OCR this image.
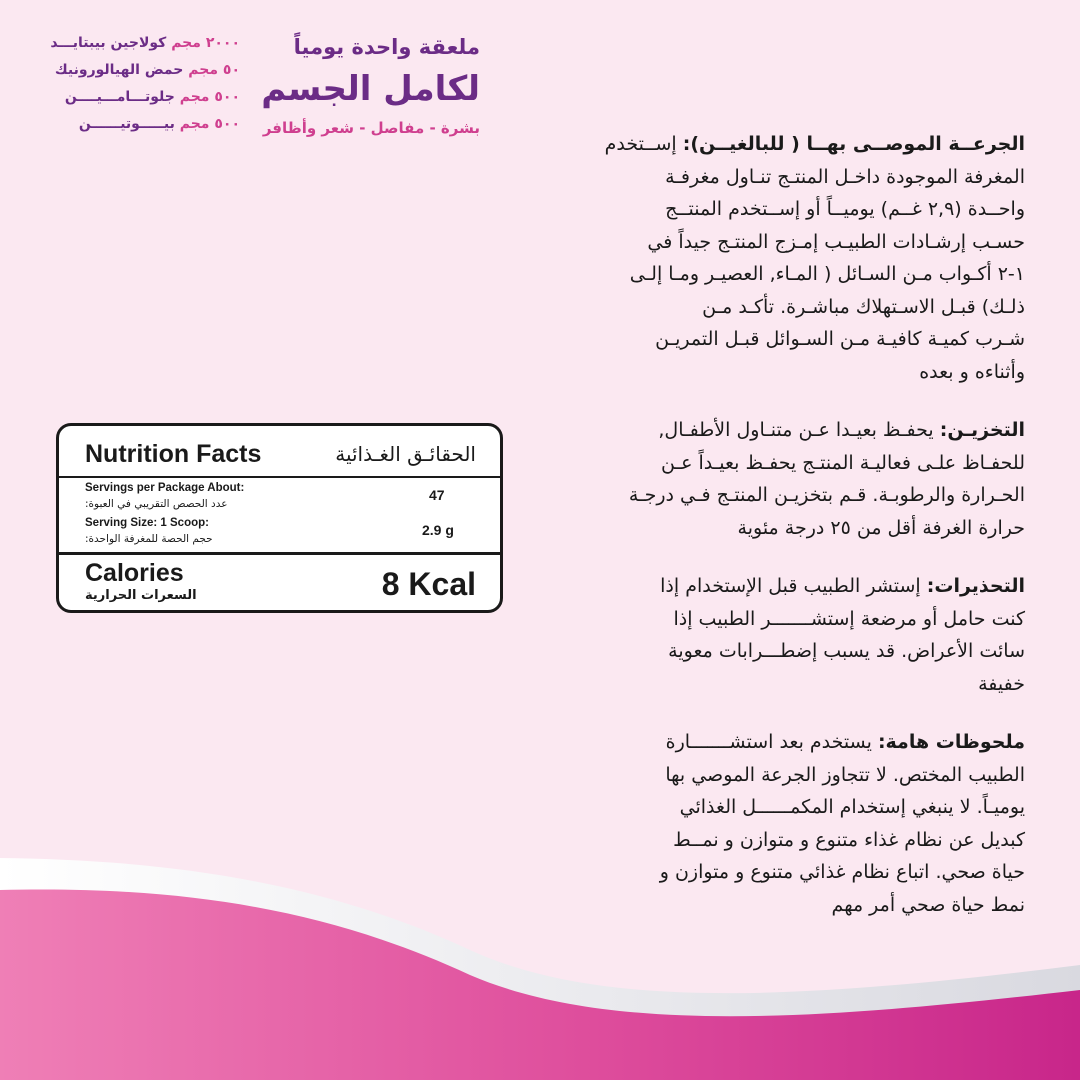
٢٠٠٠ مجم كولاجين بيبتايـــد
٥٠ مجم حمض الهيالورونيك
٥٠٠ مجم جلوتـــامـــيــــن
٥٠٠ مجم بيـــــوتيــــــن
ملعقة واحدة يومياً
لكامل الجسم
بشرة - مفاصل - شعر وأظافر

الجرعــة الموصــى بهــا ( للبالغيــن): إســتخدم

المغرفة الموجودة داخـل المنتـج تنـاول مغرفـة

واحــدة (٢,٩ غــم) يوميــاً أو إســتخدم المنتــج

حسـب إرشـادات الطبيـب إمـزج المنتـج جيداً في

١-٢ أكـواب مـن السـائل ( المـاء, العصيـر ومـا إلـى

ذلـك) قبـل الاسـتهلاك مباشـرة. تأكـد مـن

شـرب كميـة كافيـة مـن السـوائل قبـل التمريـن

وأثناءه و بعده

التخزيـن: يحفـظ بعيـدا عـن متنـاول الأطفـال,

للحفـاظ علـى فعاليـة المنتـج يحفـظ بعيـداً عـن

الحـرارة والرطوبـة. قـم بتخزيـن المنتـج فـي درجـة

حرارة الغرفة أقل من ٢٥ درجة مئوية

التحذيرات: إستشر الطبيب قبل الإستخدام إذا

كنت حامل أو مرضعة إستشـــــــر الطبيب إذا

سائت الأعراض. قد يسبب إضطـــرابات معوية

خفيفة

ملحوظات هامة: يستخدم بعد استشـــــــارة

الطبيب المختص. لا تتجاوز الجرعة الموصي بها

يوميـاً. لا ينبغي إستخدام المكمــــــل الغذائي

كبديل عن نظام غذاء متنوع و متوازن و نمــط

حياة صحي. اتباع نظام غذائي متنوع و متوازن و

نمط حياة صحي أمر مهم

Nutrition Facts	الحقائـق الغـذائية
Servings per Package About:
عدد الحصص التقريبي في العبوة:
47
Serving Size: 1 Scoop:
حجم الحصة للمغرفة الواحدة:
2.9 g
Calories
السعرات الحرارية	8 Kcal
